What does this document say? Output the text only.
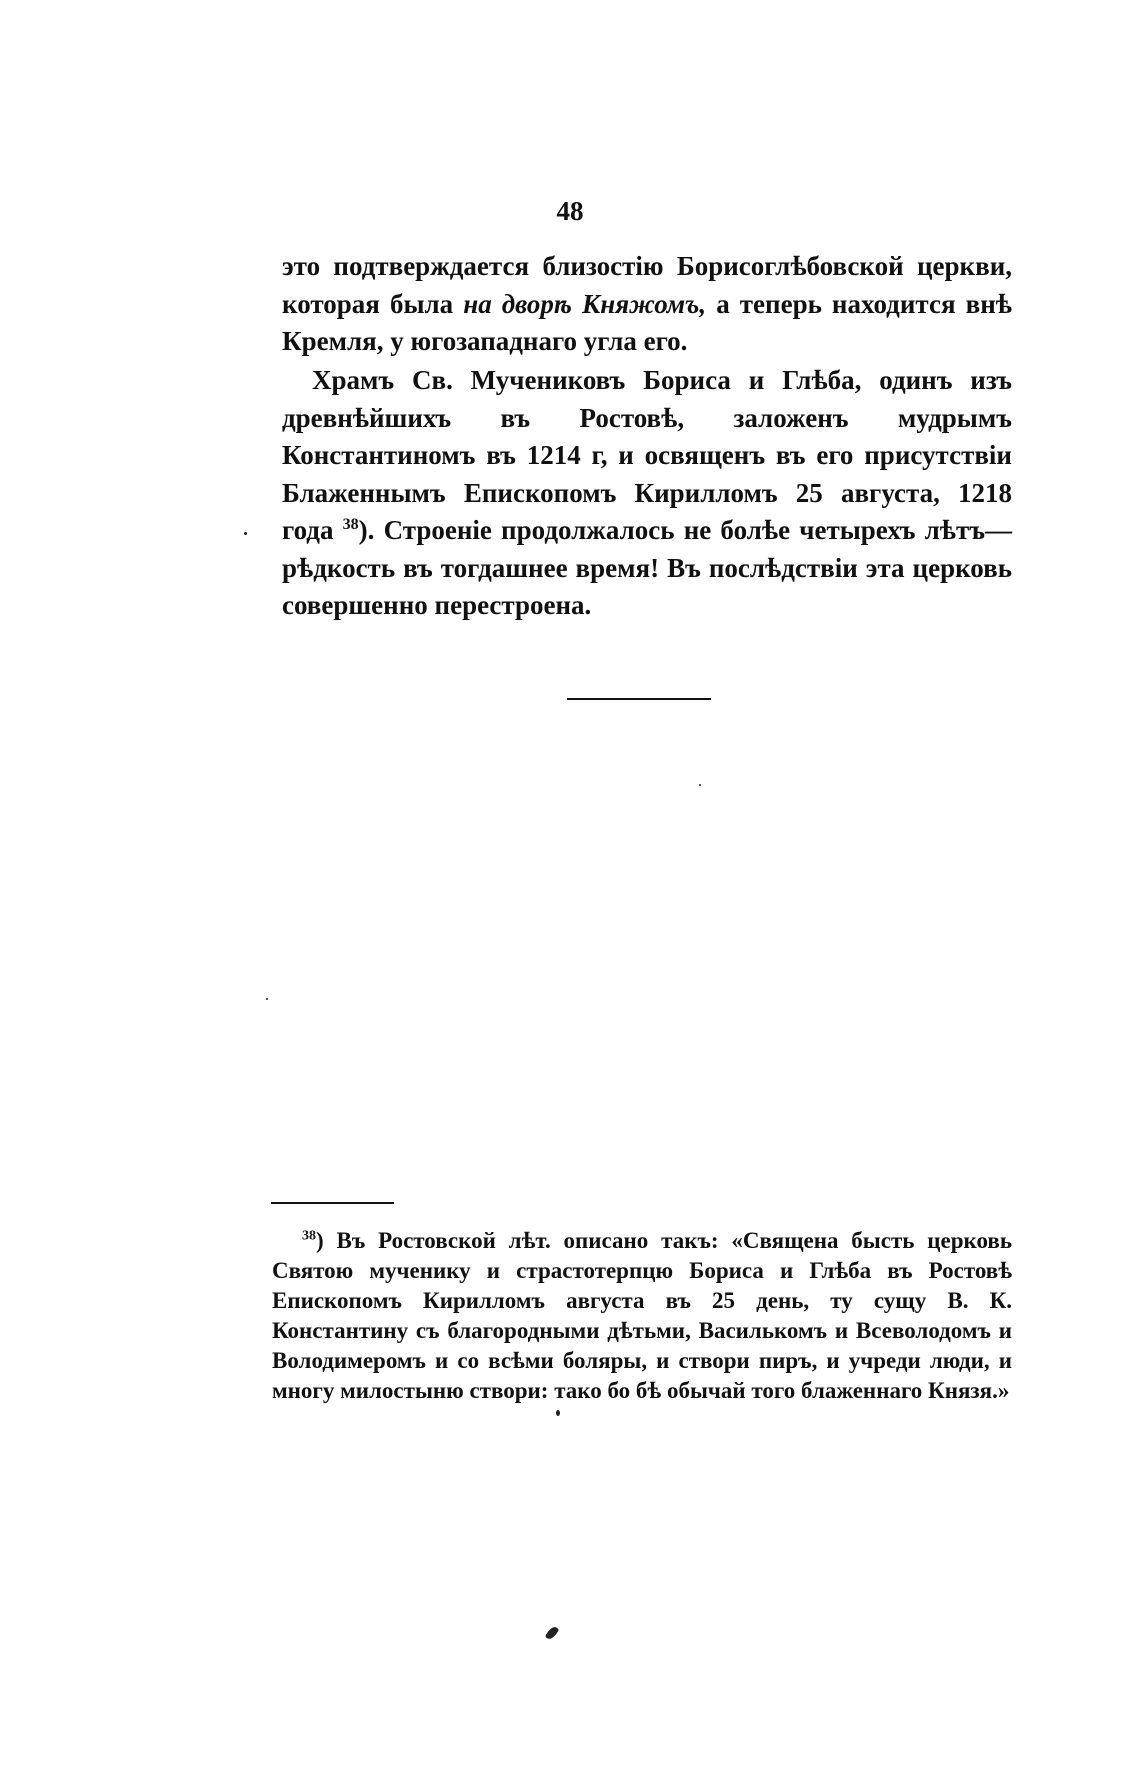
48

это подтверждается близостію Борисоглѣбовской церкви, которая была на дворѣ Княжомъ, а теперь находится внѣ Кремля, у югозападнаго угла его.

Храмъ Св. Мучениковъ Бориса и Глѣба, одинъ изъ древнѣйшихъ въ Ростовѣ, заложенъ мудрымъ Константиномъ въ 1214 г, и освященъ въ его присутствіи Блаженнымъ Епископомъ Кирилломъ 25 августа, 1218 года $^{38}$). Строеніе продолжалось не болѣе четырехъ лѣтъ—рѣдкость въ тогдашнее время! Въ послѣдствіи эта церковь совершенно перестроена.

$^{38}$) Въ Ростовской лѣт. описано такъ: «Священа бысть церковь Святою мученику и страстотерпцю Бориса и Глѣба въ Ростовѣ Епископомъ Кирилломъ августа въ 25 день, ту сущу В. К. Константину съ благородными дѣтьми, Василькомъ и Всеволодомъ и Володимеромъ и со всѣми боляры, и створи пиръ, и учреди люди, и многу милостыню створи: тако бо бѣ обычай того блаженнаго Князя.»
